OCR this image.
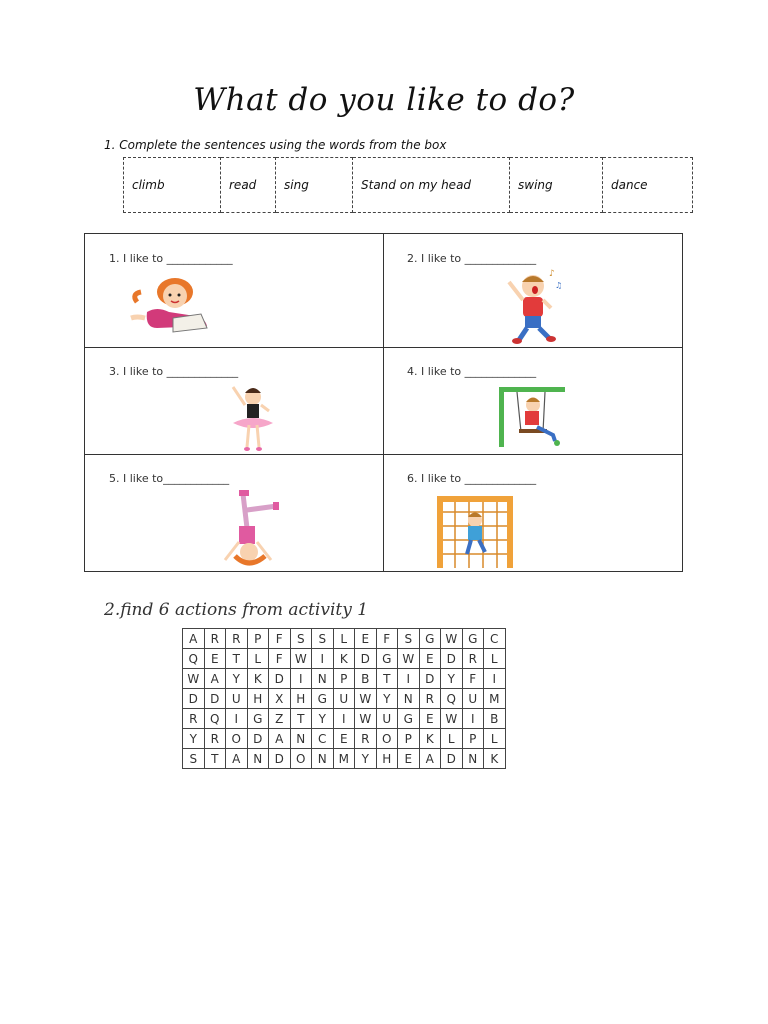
What do you like to do?
1. Complete the sentences using the words from the box
climb	read	sing	Stand on my head	swing	dance
1. I like to ____________	2. I like to _____________
♪
♫
3. I like to _____________	4. I like to _____________
5. I like to____________	6. I like to _____________
2.find 6 actions from activity 1
A	R	R	P	F	S	S	L	E	F	S	G	W	G	C
Q	E	T	L	F	W	I	K	D	G	W	E	D	R	L
W	A	Y	K	D	I	N	P	B	T	I	D	Y	F	I
D	D	U	H	X	H	G	U	W	Y	N	R	Q	U	M
R	Q	I	G	Z	T	Y	I	W	U	G	E	W	I	B
Y	R	O	D	A	N	C	E	R	O	P	K	L	P	L
S	T	A	N	D	O	N	M	Y	H	E	A	D	N	K
